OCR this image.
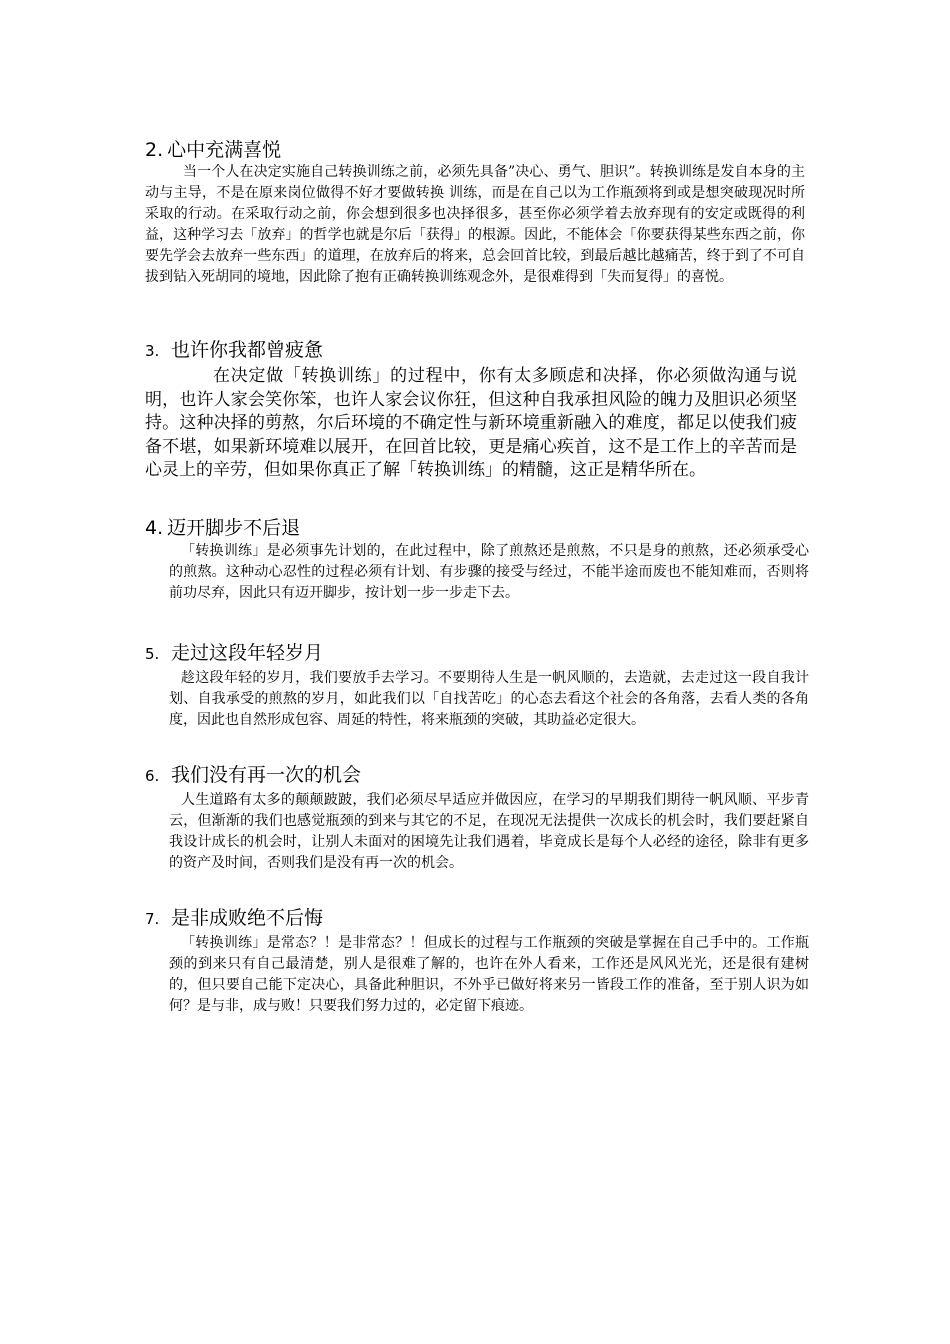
2. 心中充满喜悦
当一个人在决定实施自己转换训练之前，必须先具备”决心、勇气、胆识”。转换训练是发自本身的主动与主导，不是在原来岗位做得不好才要做转换 训练，而是在自己以为工作瓶颈将到或是想突破现况时所采取的行动。在采取行动之前，你会想到很多也决择很多，甚至你必须学着去放弃现有的安定或既得的利益，这种学习去「放弃」的哲学也就是尔后「获得」的根源。因此，不能体会「你要获得某些东西之前，你要先学会去放弃一些东西」的道理，在放弃后的将来，总会回首比较，到最后越比越痛苦，终于到了不可自拔到钻入死胡同的境地，因此除了抱有正确转换训练观念外，是很难得到「失而复得」的喜悦。
3. 也许你我都曾疲惫
在决定做「转换训练」的过程中，你有太多顾虑和决择，你必须做沟通与说明，也许人家会笑你笨，也许人家会议你狂，但这种自我承担风险的魄力及胆识必须坚持。这种决择的剪熬，尔后环境的不确定性与新环境重新融入的难度，都足以使我们疲备不堪，如果新环境难以展开，在回首比较，更是痛心疾首，这不是工作上的辛苦而是心灵上的辛劳，但如果你真正了解「转换训练」的精髓，这正是精华所在。
4. 迈开脚步不后退
「转换训练」是必须事先计划的，在此过程中，除了煎熬还是煎熬，不只是身的煎熬，还必须承受心的煎熬。这种动心忍性的过程必须有计划、有步骤的接受与经过，不能半途而废也不能知难而，否则将前功尽弃，因此只有迈开脚步，按计划一步一步走下去。
5. 走过这段年轻岁月
趁这段年轻的岁月，我们要放手去学习。不要期待人生是一帆风顺的，去造就，去走过这一段自我计划、自我承受的煎熬的岁月，如此我们以「自找苦吃」的心态去看这个社会的各角落，去看人类的各角度，因此也自然形成包容、周延的特性，将来瓶颈的突破，其助益必定很大。
6. 我们没有再一次的机会
人生道路有太多的颠颠跛跛，我们必须尽早适应并做因应，在学习的早期我们期待一帆风顺、平步青云，但渐渐的我们也感觉瓶颈的到来与其它的不足，在现况无法提供一次成长的机会时，我们要赶紧自我设计成长的机会时，让别人未面对的困境先让我们遇着，毕竟成长是每个人必经的途径，除非有更多的资产及时间，否则我们是没有再一次的机会。
7. 是非成败绝不后悔
「转换训练」是常态？！是非常态？！但成长的过程与工作瓶颈的突破是掌握在自己手中的。工作瓶颈的到来只有自己最清楚，别人是很难了解的，也许在外人看来，工作还是风风光光，还是很有建树的，但只要自己能下定决心，具备此种胆识，不外乎已做好将来另一皆段工作的准备，至于别人识为如何？是与非，成与败！只要我们努力过的，必定留下痕迹。
